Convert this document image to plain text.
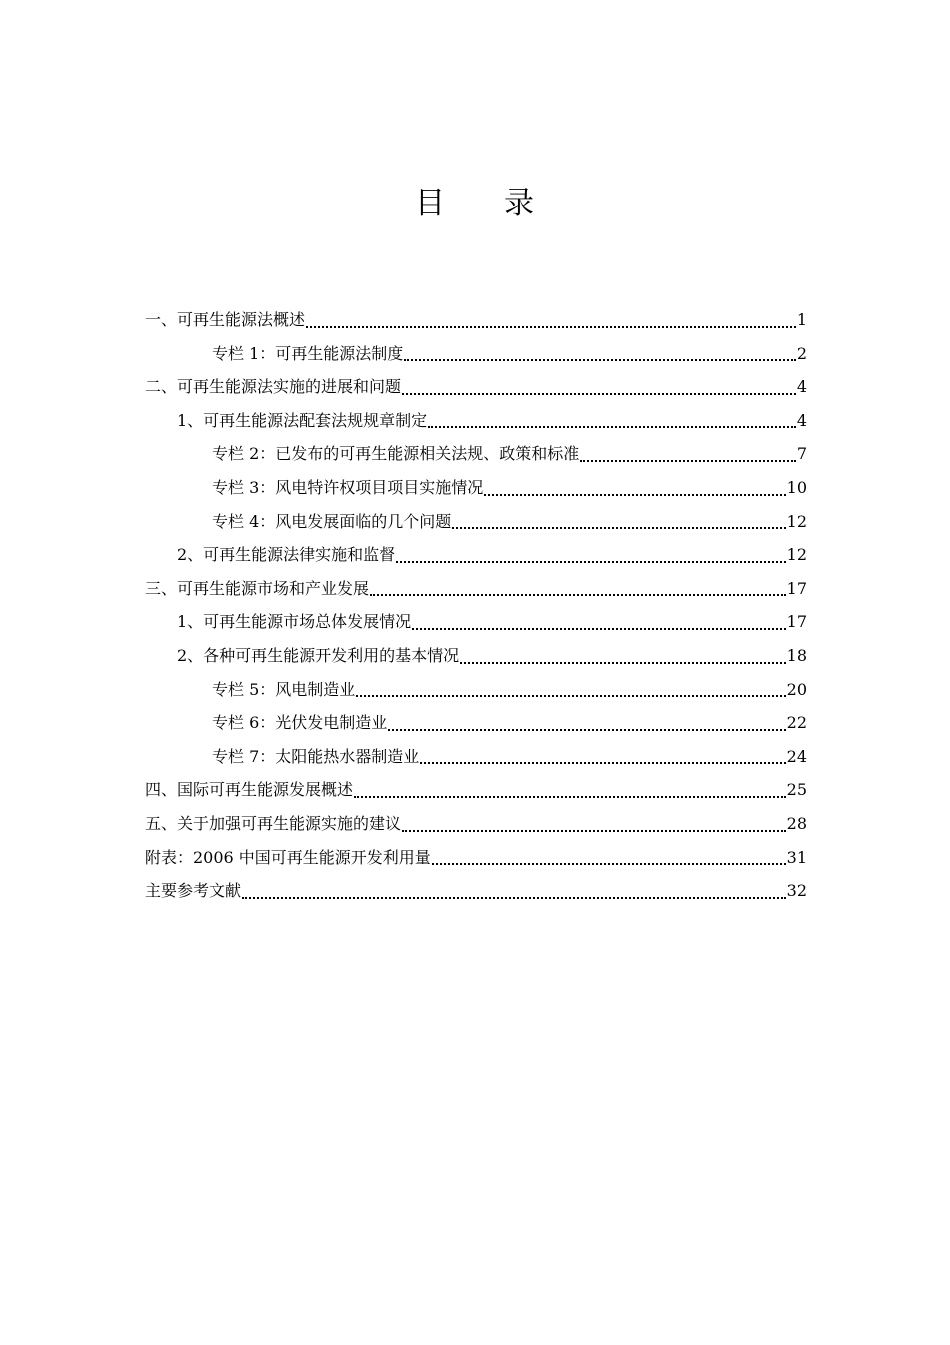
目 录
一、可再生能源法概述	1
专栏 1：可再生能源法制度	2
二、可再生能源法实施的进展和问题	4
1、可再生能源法配套法规规章制定	4
专栏 2：已发布的可再生能源相关法规、政策和标准	7
专栏 3：风电特许权项目项目实施情况	10
专栏 4：风电发展面临的几个问题	12
2、可再生能源法律实施和监督	12
三、可再生能源市场和产业发展	17
1、可再生能源市场总体发展情况	17
2、各种可再生能源开发利用的基本情况	18
专栏 5：风电制造业	20
专栏 6：光伏发电制造业	22
专栏 7：太阳能热水器制造业	24
四、国际可再生能源发展概述	25
五、关于加强可再生能源实施的建议	28
附表：2006 中国可再生能源开发利用量	31
主要参考文献	32
